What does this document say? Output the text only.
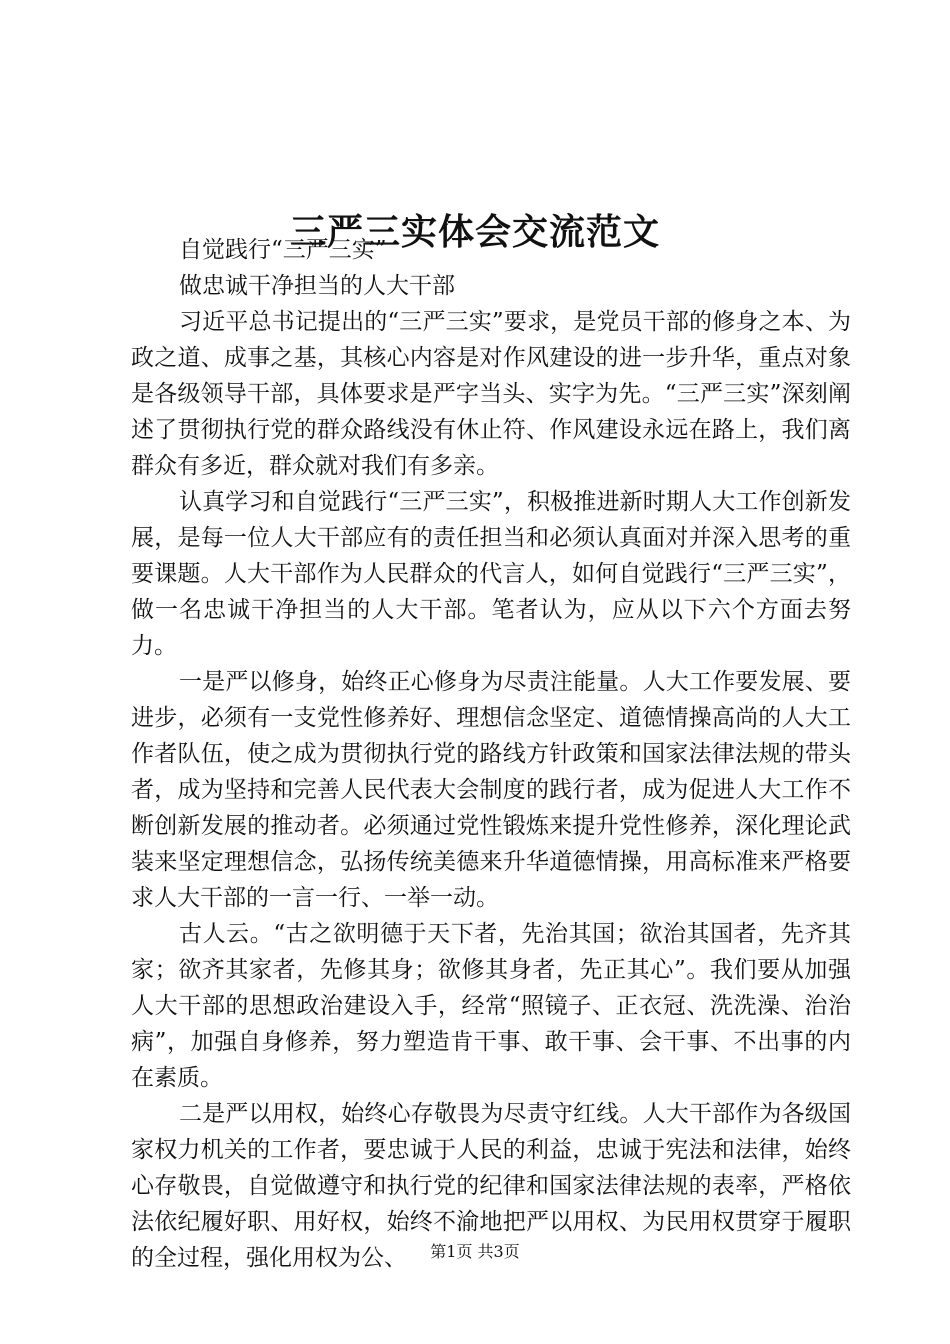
三严三实体会交流范文

自觉践行“三严三实”

做忠诚干净担当的人大干部

习近平总书记提出的“三严三实”要求，是党员干部的修身之本、为政之道、成事之基，其核心内容是对作风建设的进一步升华，重点对象是各级领导干部，具体要求是严字当头、实字为先。“三严三实”深刻阐述了贯彻执行党的群众路线没有休止符、作风建设永远在路上，我们离群众有多近，群众就对我们有多亲。

认真学习和自觉践行“三严三实”，积极推进新时期人大工作创新发展，是每一位人大干部应有的责任担当和必须认真面对并深入思考的重要课题。人大干部作为人民群众的代言人，如何自觉践行“三严三实”，做一名忠诚干净担当的人大干部。笔者认为，应从以下六个方面去努力。

一是严以修身，始终正心修身为尽责注能量。人大工作要发展、要进步，必须有一支党性修养好、理想信念坚定、道德情操高尚的人大工作者队伍，使之成为贯彻执行党的路线方针政策和国家法律法规的带头者，成为坚持和完善人民代表大会制度的践行者，成为促进人大工作不断创新发展的推动者。必须通过党性锻炼来提升党性修养，深化理论武装来坚定理想信念，弘扬传统美德来升华道德情操，用高标准来严格要求人大干部的一言一行、一举一动。

古人云。“古之欲明德于天下者，先治其国；欲治其国者，先齐其家；欲齐其家者，先修其身；欲修其身者，先正其心”。我们要从加强人大干部的思想政治建设入手，经常“照镜子、正衣冠、洗洗澡、治治病”，加强自身修养，努力塑造肯干事、敢干事、会干事、不出事的内在素质。

二是严以用权，始终心存敬畏为尽责守红线。人大干部作为各级国家权力机关的工作者，要忠诚于人民的利益，忠诚于宪法和法律，始终心存敬畏，自觉做遵守和执行党的纪律和国家法律法规的表率，严格依法依纪履好职、用好权，始终不渝地把严以用权、为民用权贯穿于履职的全过程，强化用权为公、	第1页 共3页
